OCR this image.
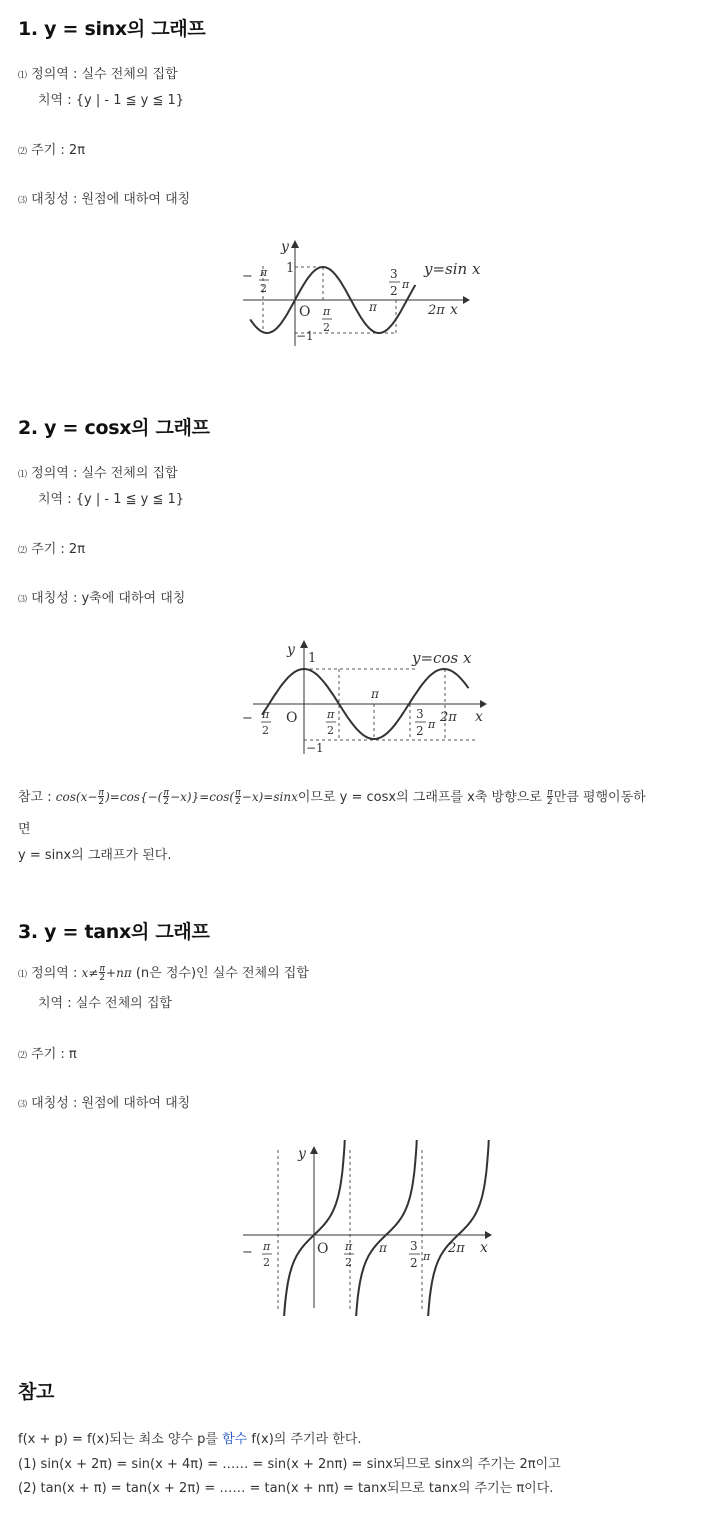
1. y = sinx의 그래프
⑴ 정의역 : 실수 전체의 집합
치역 : {y | - 1 ≦ y ≦ 1}
⑵ 주기 : 2π
⑶ 대칭성 : 원점에 대하여 대칭
y
1
O
−1
− π
2
π
2
π
3
2 π
2π x
y=sin x
2. y = cosx의 그래프
⑴ 정의역 : 실수 전체의 집합
치역 : {y | - 1 ≦ y ≦ 1}
⑵ 주기 : 2π
⑶ 대칭성 : y축에 대하여 대칭
y
1
O
−1
− π
2
π
2
π
3
2 π 2π x
y=cos x
참고 : $\cos(x-\frac{\pi}{2})=\cos\{-(\frac{\pi}{2}-x)\}=\cos(\frac{\pi}{2}-x)=\sin x$이므로 y = cosx의 그래프를 x축 방향으로 $\frac{\pi}{2}$만큼 평행이동하
면
y = sinx의 그래프가 된다.
3. y = tanx의 그래프
⑴ 정의역 : $x\ne\frac{\pi}{2}+n\pi$ (n은 정수)인 실수 전체의 집합
치역 : 실수 전체의 집합
⑵ 주기 : π
⑶ 대칭성 : 원점에 대하여 대칭
y
O
− π
2
π
2
π 3
2 π
2π x
참고
f(x + p) = f(x)되는 최소 양수 p를 함수 f(x)의 주기라 한다.
(1) sin(x + 2π) = sin(x + 4π) = …… = sin(x + 2nπ) = sinx되므로 sinx의 주기는 2π이고
(2) tan(x + π) = tan(x + 2π) = …… = tan(x + nπ) = tanx되므로 tanx의 주기는 π이다.
